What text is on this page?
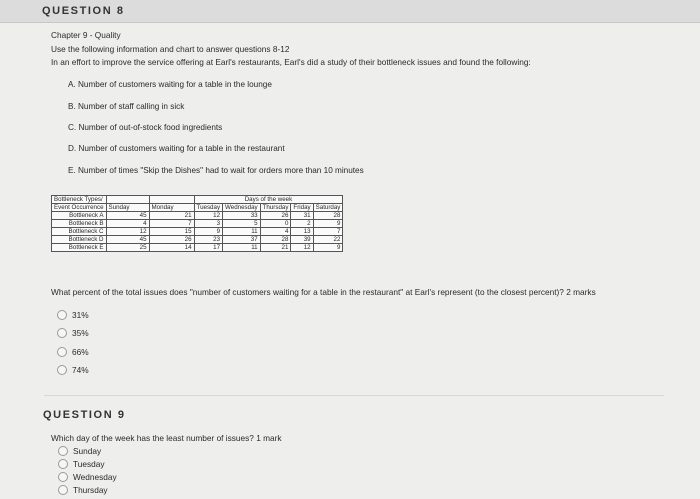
QUESTION 8
Chapter 9 - Quality
Use the following information and chart to answer questions 8-12
In an effort to improve the service offering at Earl's restaurants, Earl's did a study of their bottleneck issues and found the following:
A. Number of customers waiting for a table in the lounge
B. Number of staff calling in sick
C. Number of out-of-stock food ingredients
D. Number of customers waiting for a table in the restaurant
E. Number of times "Skip the Dishes" had to wait for orders more than 10 minutes
Bottleneck Types/			Days of the week				
Event Occurrence	Sunday	Monday	Tuesday	Wednesday	Thursday	Friday	Saturday
Bottleneck A	45	21	12	33	26	31	28
Bottleneck B	4	7	3	5	0	2	9
Bottleneck C	12	15	9	11	4	13	7
Bottleneck D	45	26	23	37	28	39	22
Bottleneck E	25	14	17	11	21	12	9
What percent of the total issues does "number of customers waiting for a table in the restaurant" at Earl's represent (to the closest percent)? 2 marks
31%
35%
66%
74%
QUESTION 9
Which day of the week has the least number of issues? 1 mark
Sunday
Tuesday
Wednesday
Thursday
